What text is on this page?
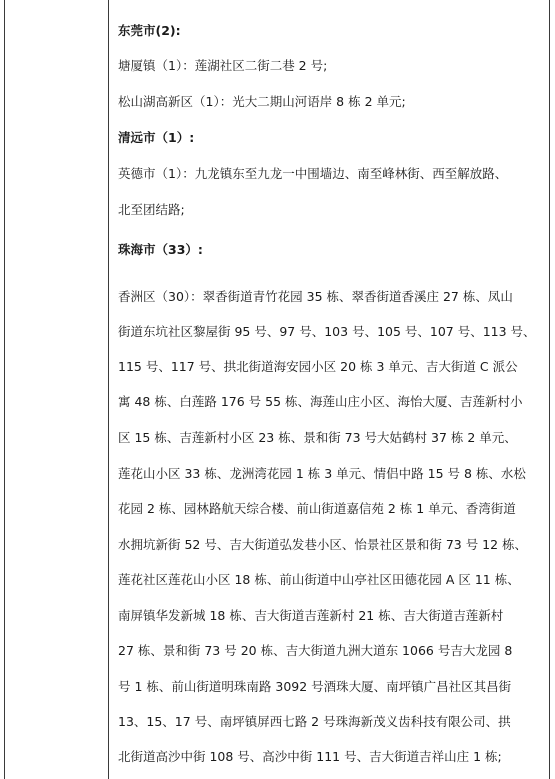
东莞市(2):
塘厦镇（1）：莲湖社区二街二巷 2 号;
松山湖高新区（1）：光大二期山河语岸 8 栋 2 单元;
清远市（1）:
英德市（1）：九龙镇东至九龙一中围墙边、南至峰林街、西至解放路、
北至团结路;
珠海市（33）:
香洲区（30）：翠香街道青竹花园 35 栋、翠香街道香溪庄 27 栋、凤山
街道东坑社区黎屋街 95 号、97 号、103 号、105 号、107 号、113 号、
115 号、117 号、拱北街道海安园小区 20 栋 3 单元、吉大街道 C 派公
寓 48 栋、白莲路 176 号 55 栋、海莲山庄小区、海怡大厦、吉莲新村小
区 15 栋、吉莲新村小区 23 栋、景和街 73 号大姑鹤村 37 栋 2 单元、
莲花山小区 33 栋、龙洲湾花园 1 栋 3 单元、情侣中路 15 号 8 栋、水松
花园 2 栋、园林路航天综合楼、前山街道嘉信苑 2 栋 1 单元、香湾街道
水拥坑新街 52 号、吉大街道弘发巷小区、怡景社区景和街 73 号 12 栋、
莲花社区莲花山小区 18 栋、前山街道中山亭社区田德花园 A 区 11 栋、
南屏镇华发新城 18 栋、吉大街道吉莲新村 21 栋、吉大街道吉莲新村
27 栋、景和街 73 号 20 栋、吉大街道九洲大道东 1066 号吉大龙园 8
号 1 栋、前山街道明珠南路 3092 号酒珠大厦、南坪镇广昌社区其昌街
13、15、17 号、南坪镇屏西七路 2 号珠海新茂义齿科技有限公司、拱
北街道高沙中街 108 号、高沙中街 111 号、吉大街道吉祥山庄 1 栋;
